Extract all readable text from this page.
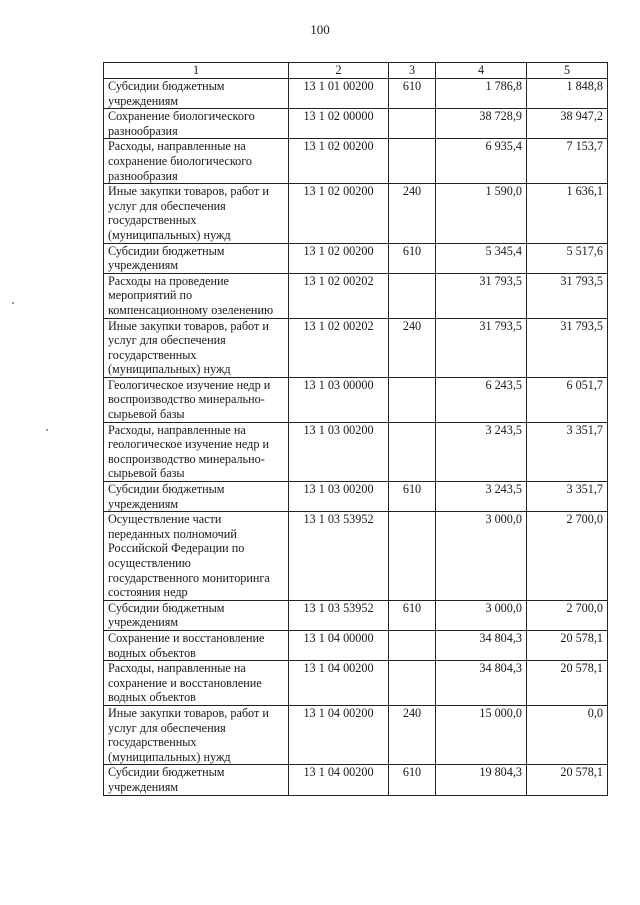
100
1	2	3	4	5
Субсидии бюджетным учреждениям	13 1 01 00200	610	1 786,8	1 848,8
Сохранение биологического разнообразия	13 1 02 00000		38 728,9	38 947,2
Расходы, направленные на сохранение биологического разнообразия	13 1 02 00200		6 935,4	7 153,7
Иные закупки товаров, работ и услуг для обеспечения государственных (муниципальных) нужд	13 1 02 00200	240	1 590,0	1 636,1
Субсидии бюджетным учреждениям	13 1 02 00200	610	5 345,4	5 517,6
Расходы на проведение мероприятий по компенсационному озеленению	13 1 02 00202		31 793,5	31 793,5
Иные закупки товаров, работ и услуг для обеспечения государственных (муниципальных) нужд	13 1 02 00202	240	31 793,5	31 793,5
Геологическое изучение недр и воспроизводство минерально-сырьевой базы	13 1 03 00000		6 243,5	6 051,7
Расходы, направленные на геологическое изучение недр и воспроизводство минерально-сырьевой базы	13 1 03 00200		3 243,5	3 351,7
Субсидии бюджетным учреждениям	13 1 03 00200	610	3 243,5	3 351,7
Осуществление части переданных полномочий Российской Федерации по осуществлению государственного мониторинга состояния недр	13 1 03 53952		3 000,0	2 700,0
Субсидии бюджетным учреждениям	13 1 03 53952	610	3 000,0	2 700,0
Сохранение и восстановление водных объектов	13 1 04 00000		34 804,3	20 578,1
Расходы, направленные на сохранение и восстановление водных объектов	13 1 04 00200		34 804,3	20 578,1
Иные закупки товаров, работ и услуг для обеспечения государственных (муниципальных) нужд	13 1 04 00200	240	15 000,0	0,0
Субсидии бюджетным учреждениям	13 1 04 00200	610	19 804,3	20 578,1
